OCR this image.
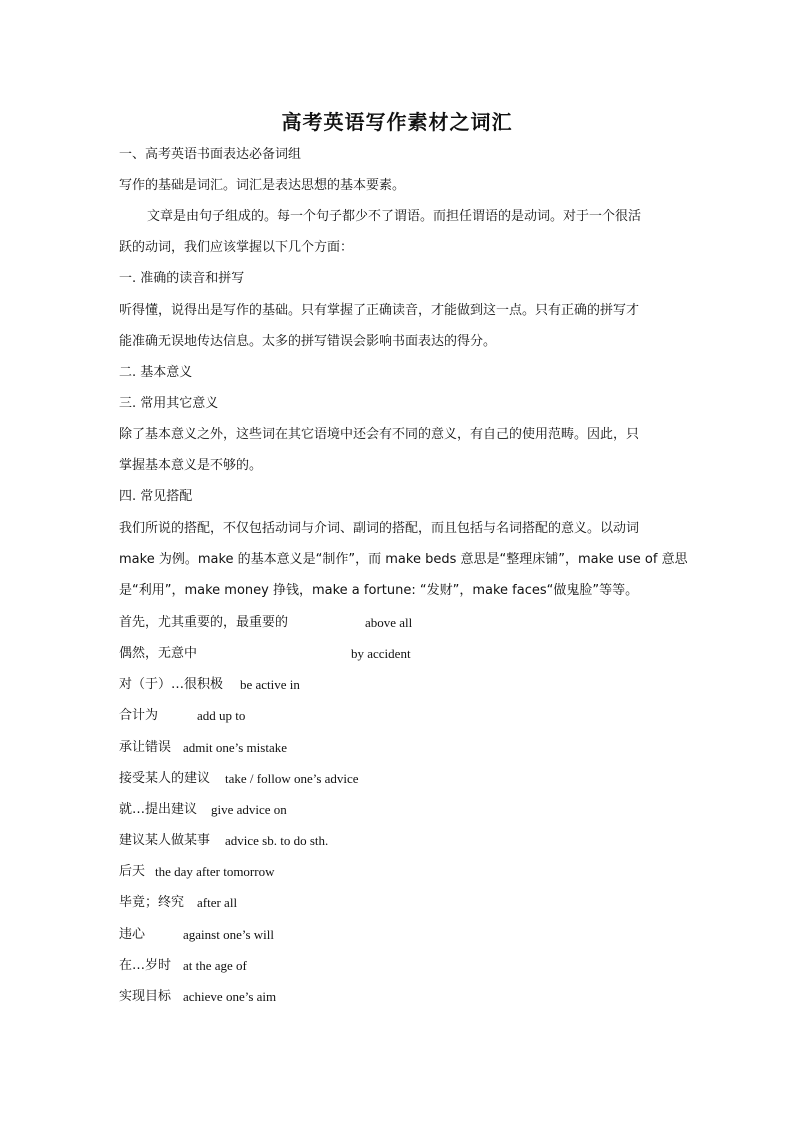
高考英语写作素材之词汇
一、高考英语书面表达必备词组
写作的基础是词汇。词汇是表达思想的基本要素。
文章是由句子组成的。每一个句子都少不了谓语。而担任谓语的是动词。对于一个很活
跃的动词，我们应该掌握以下几个方面：
一. 准确的读音和拼写
听得懂，说得出是写作的基础。只有掌握了正确读音，才能做到这一点。只有正确的拼写才
能准确无误地传达信息。太多的拼写错误会影响书面表达的得分。
二. 基本意义
三. 常用其它意义
除了基本意义之外，这些词在其它语境中还会有不同的意义，有自己的使用范畴。因此，只
掌握基本意义是不够的。
四. 常见搭配
我们所说的搭配，不仅包括动词与介词、副词的搭配，而且包括与名词搭配的意义。以动词
make 为例。make 的基本意义是“制作”，而 make beds 意思是“整理床铺”，make use of 意思
是“利用”，make money 挣钱，make a fortune: “发财”，make faces“做鬼脸”等等。
首先，尤其重要的，最重要的	above all
偶然，无意中	by accident
对（于）…很积极 be active in
合计为	add up to
承让错误 admit one’s mistake
接受某人的建议 take / follow one’s advice
就…提出建议 give advice on
建议某人做某事 advice sb. to do sth.
后天 the day after tomorrow
毕竟；终究 after all
违心	against one’s will
在…岁时 at the age of
实现目标 achieve one’s aim
